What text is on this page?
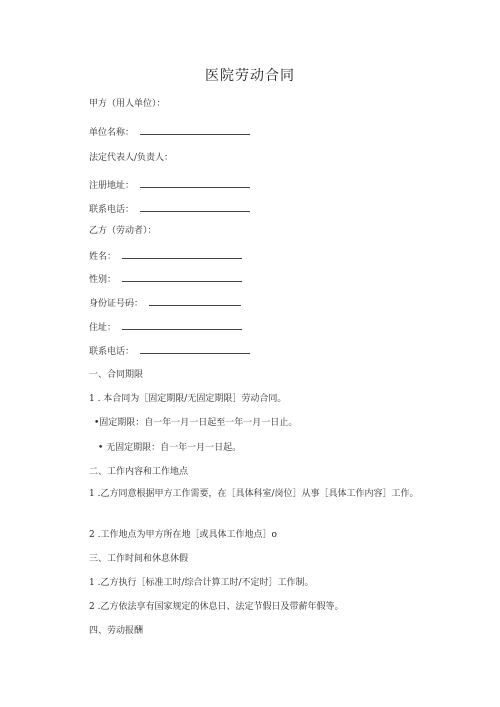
医院劳动合同
甲方（用人单位）：
单位名称：
法定代表人/负责人：
注册地址：
联系电话：
乙方（劳动者）：
姓名：
性别：
身份证号码：
住址：
联系电话：
一、合同期限
1 . 本合同为［固定期限/无固定期限］劳动合同。
•固定期限：自一年一月一日起至一年一月一日止。
• 无固定期限：自一年一月一日起。
二、工作内容和工作地点
1 .乙方同意根据甲方工作需要，在［具体科室/岗位］从事［具体工作内容］工作。
2 .工作地点为甲方所在地［或具体工作地点］o
三、工作时间和休息休假
1 .乙方执行［标准工时/综合计算工时/不定时］工作制。
2 .乙方依法享有国家规定的休息日、法定节假日及带薪年假等。
四、劳动报酬
